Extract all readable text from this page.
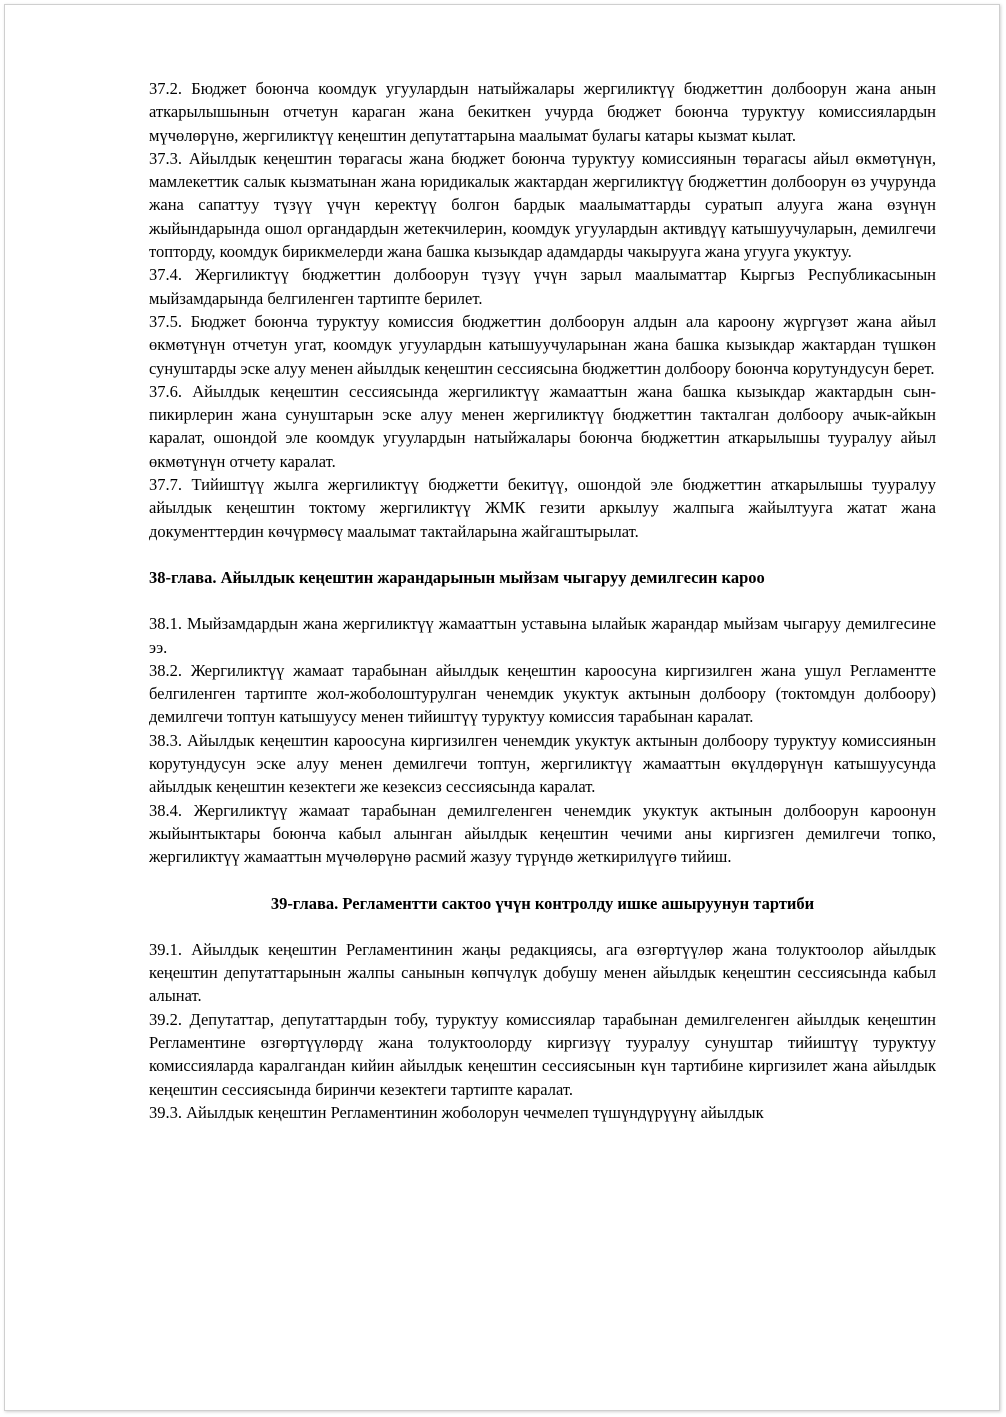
37.2. Бюджет боюнча коомдук угуулардын натыйжалары жергиликтүү бюджеттин долбоорун жана анын аткарылышынын отчетун караган жана бекиткен учурда бюджет боюнча туруктуу комиссиялардын мүчөлөрүнө, жергиликтүү кеңештин депутаттарына маалымат булагы катары кызмат кылат.

37.3. Айылдык кеңештин төрагасы жана бюджет боюнча туруктуу комиссиянын төрагасы айыл өкмөтүнүн, мамлекеттик салык кызматынан жана юридикалык жактардан жергиликтүү бюджеттин долбоорун өз учурунда жана сапаттуу түзүү үчүн керектүү болгон бардык маалыматтарды суратып алууга жана өзүнүн жыйындарында ошол органдардын жетекчилерин, коомдук угуулардын активдүү катышуучуларын, демилгечи топторду, коомдук бирикмелерди жана башка кызыкдар адамдарды чакырууга жана угууга укуктуу.

37.4. Жергиликтүү бюджеттин долбоорун түзүү үчүн зарыл маалыматтар Кыргыз Республикасынын мыйзамдарында белгиленген тартипте берилет.

37.5. Бюджет боюнча туруктуу комиссия бюджеттин долбоорун алдын ала кароону жүргүзөт жана айыл өкмөтүнүн отчетун угат, коомдук угуулардын катышуучуларынан жана башка кызыкдар жактардан түшкөн сунуштарды эске алуу менен айылдык кеңештин сессиясына бюджеттин долбоору боюнча корутундусун берет.

37.6. Айылдык кеңештин сессиясында жергиликтүү жамааттын жана башка кызыкдар жактардын сын-пикирлерин жана сунуштарын эске алуу менен жергиликтүү бюджеттин такталган долбоору ачык-айкын каралат, ошондой эле коомдук угуулардын натыйжалары боюнча бюджеттин аткарылышы тууралуу айыл өкмөтүнүн отчету каралат.

37.7. Тийиштүү жылга жергиликтүү бюджетти бекитүү, ошондой эле бюджеттин аткарылышы тууралуу айылдык кеңештин токтому жергиликтүү ЖМК гезити аркылуу жалпыга жайылтууга жатат жана документтердин көчүрмөсү маалымат тактайларына жайгаштырылат.

38-глава. Айылдык кеңештин жарандарынын мыйзам чыгаруу демилгесин кароо

38.1. Мыйзамдардын жана жергиликтүү жамааттын уставына ылайык жарандар мыйзам чыгаруу демилгесине ээ.

38.2. Жергиликтүү жамаат тарабынан айылдык кеңештин кароосуна киргизилген жана ушул Регламентте белгиленген тартипте жол-жоболоштурулган ченемдик укуктук актынын долбоору (токтомдун долбоору) демилгечи топтун катышуусу менен тийиштүү туруктуу комиссия тарабынан каралат.

38.3. Айылдык кеңештин кароосуна киргизилген ченемдик укуктук актынын долбоору туруктуу комиссиянын корутундусун эске алуу менен демилгечи топтун, жергиликтүү жамааттын өкүлдөрүнүн катышуусунда айылдык кеңештин кезектеги же кезексиз сессиясында каралат.

38.4. Жергиликтүү жамаат тарабынан демилгеленген ченемдик укуктук актынын долбоорун кароонун жыйынтыктары боюнча кабыл алынган айылдык кеңештин чечими аны киргизген демилгечи топко, жергиликтүү жамааттын мүчөлөрүнө расмий жазуу түрүндө жеткирилүүгө тийиш.

39-глава. Регламентти сактоо үчүн контролду ишке ашыруунун тартиби

39.1. Айылдык кеңештин Регламентинин жаңы редакциясы, ага өзгөртүүлөр жана толуктоолор айылдык кеңештин депутаттарынын жалпы санынын көпчүлүк добушу менен айылдык кеңештин сессиясында кабыл алынат.

39.2. Депутаттар, депутаттардын тобу, туруктуу комиссиялар тарабынан демилгеленген айылдык кеңештин Регламентине өзгөртүүлөрдү жана толуктоолорду киргизүү тууралуу сунуштар тийиштүү туруктуу комиссияларда каралгандан кийин айылдык кеңештин сессиясынын күн тартибине киргизилет жана айылдык кеңештин сессиясында биринчи кезектеги тартипте каралат.

39.3. Айылдык кеңештин Регламентинин жоболорун чечмелеп түшүндүрүүнү айылдык
